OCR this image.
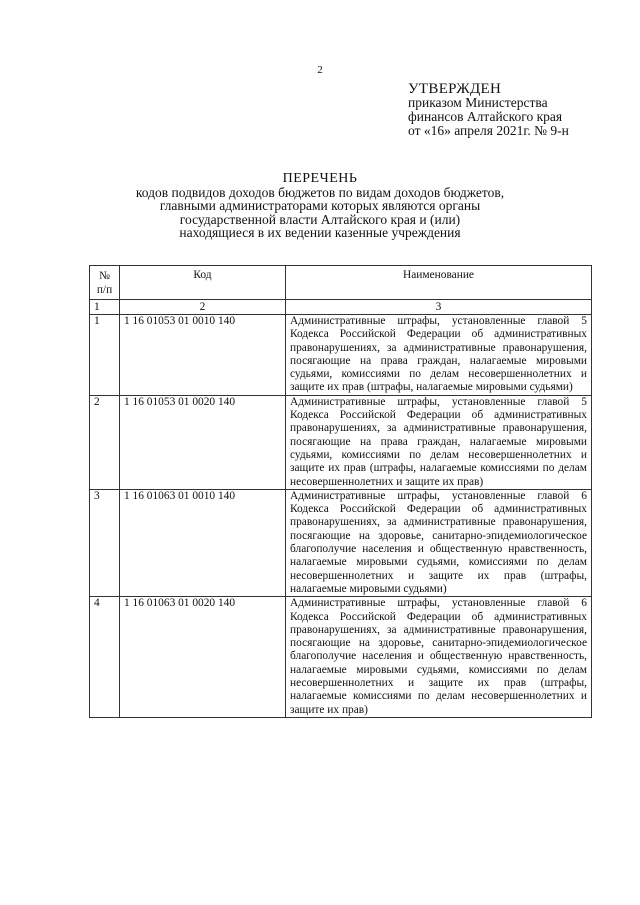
2
УТВЕРЖДЕН
приказом Министерства
финансов Алтайского края
от «16» апреля 2021г. № 9-н
ПЕРЕЧЕНЬ
кодов подвидов доходов бюджетов по видам доходов бюджетов,
главными администраторами которых являются органы
государственной власти Алтайского края и (или)
находящиеся в их ведении казенные учреждения
№
п/п	Код	Наименование
1	2	3
1	1 16 01053 01 0010 140	Административные штрафы, установленные главой 5 Кодекса Российской Федерации об административных правонарушениях, за административные правонарушения, посягающие на права граждан, налагаемые мировыми судьями, комиссиями по делам несовершеннолетних и защите их прав (штрафы, налагаемые мировыми судьями)
2	1 16 01053 01 0020 140	Административные штрафы, установленные главой 5 Кодекса Российской Федерации об административных правонарушениях, за административные правонарушения, посягающие на права граждан, налагаемые мировыми судьями, комиссиями по делам несовершеннолетних и защите их прав (штрафы, налагаемые комиссиями по делам несовершеннолетних и защите их прав)
3	1 16 01063 01 0010 140	Административные штрафы, установленные главой 6 Кодекса Российской Федерации об административных правонарушениях, за административные правонарушения, посягающие на здоровье, санитарно-эпидемиологическое благополучие населения и общественную нравственность, налагаемые мировыми судьями, комиссиями по делам несовершеннолетних и защите их прав (штрафы, налагаемые мировыми судьями)
4	1 16 01063 01 0020 140	Административные штрафы, установленные главой 6 Кодекса Российской Федерации об административных правонарушениях, за административные правонарушения, посягающие на здоровье, санитарно-эпидемиологическое благополучие населения и общественную нравственность, налагаемые мировыми судьями, комиссиями по делам несовершеннолетних и защите их прав (штрафы, налагаемые комиссиями по делам несовершеннолетних и защите их прав)
